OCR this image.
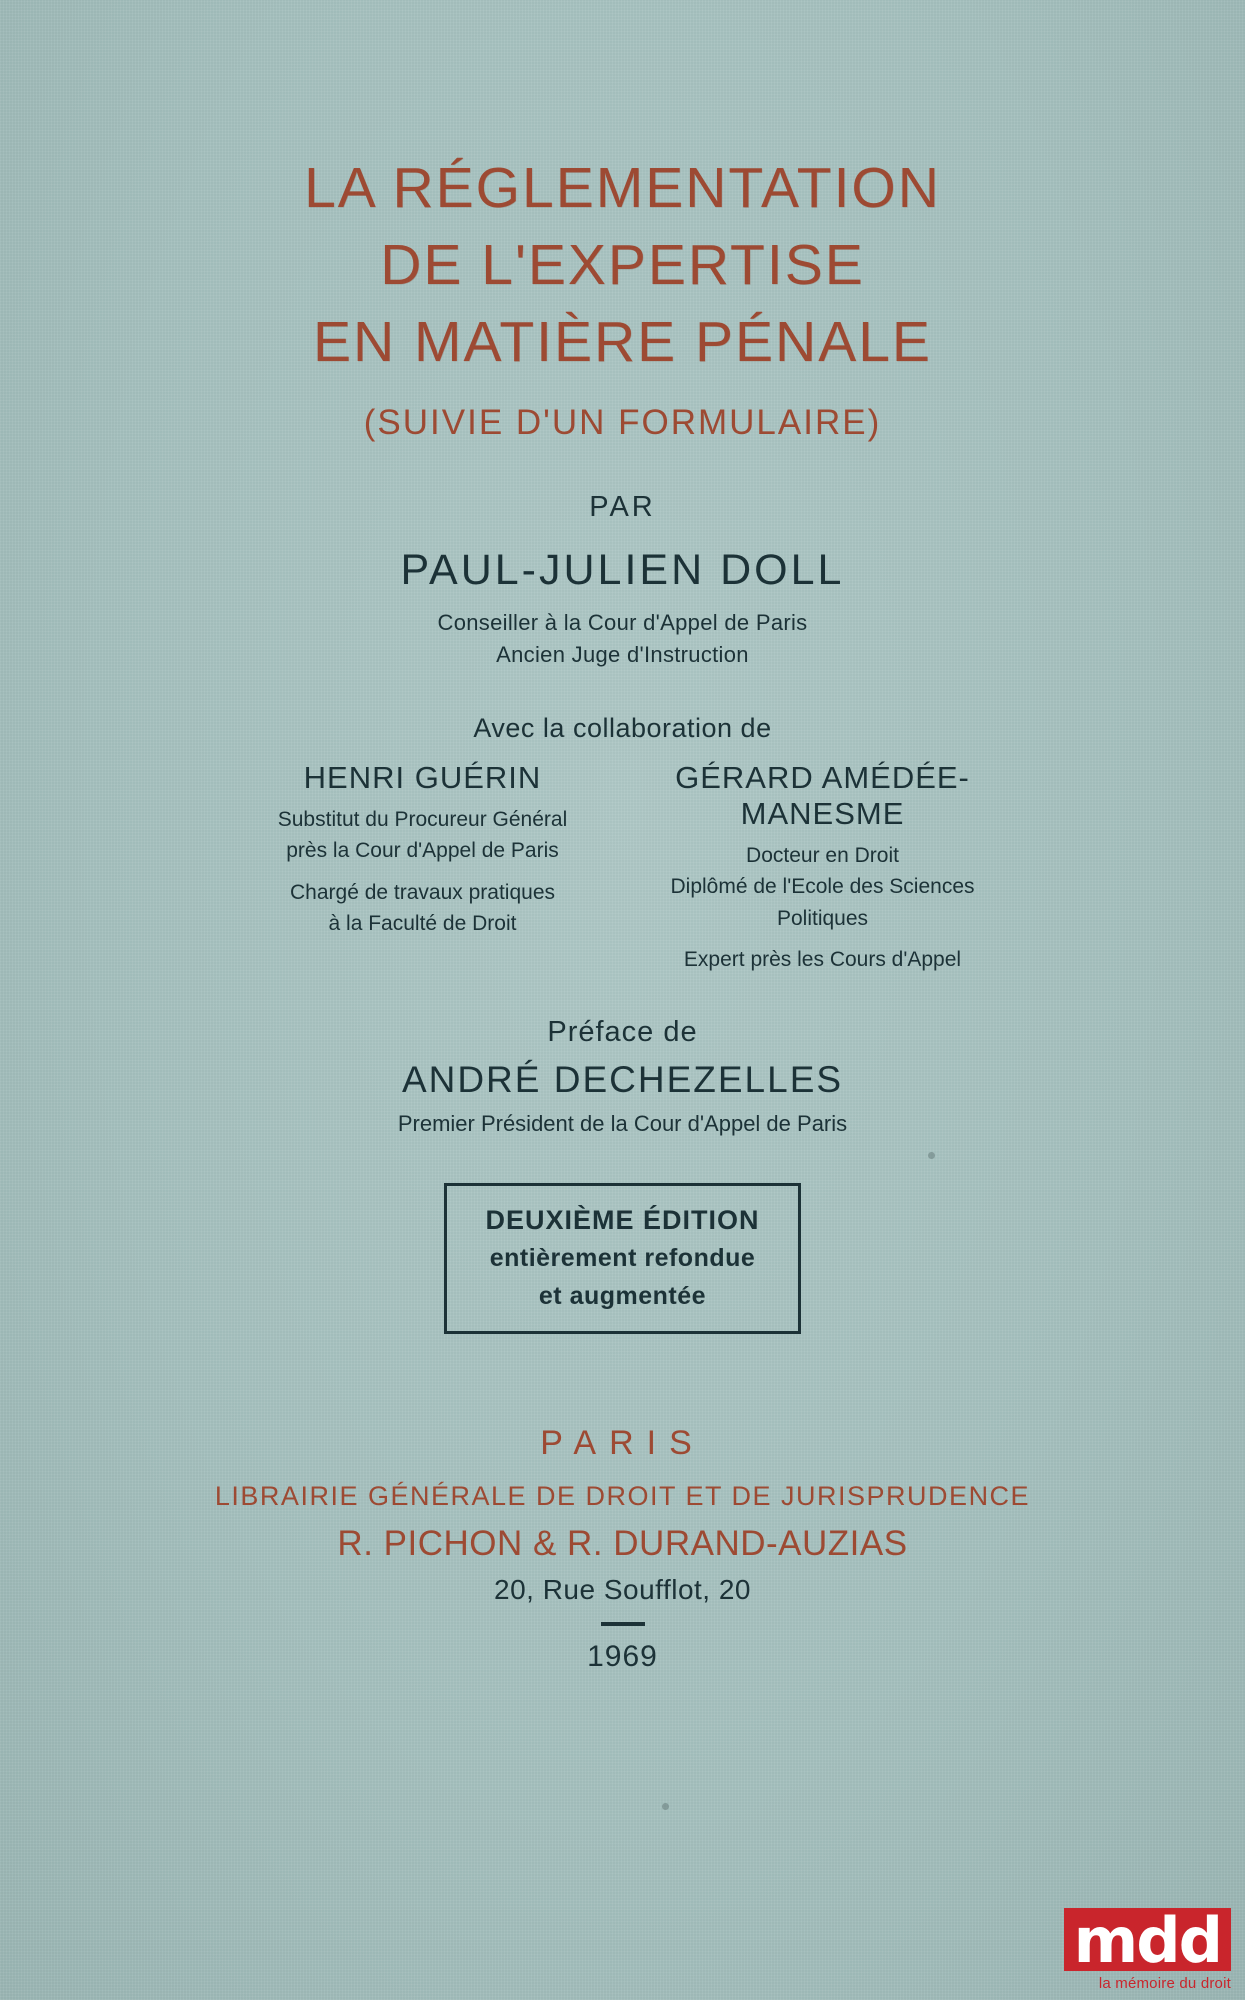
LA RÉGLEMENTATION
DE L'EXPERTISE
EN MATIÈRE PÉNALE
(SUIVIE D'UN FORMULAIRE)
PAR
PAUL-JULIEN DOLL
Conseiller à la Cour d'Appel de Paris
Ancien Juge d'Instruction
Avec la collaboration de
HENRI GUÉRIN
Substitut du Procureur Général
près la Cour d'Appel de Paris
Chargé de travaux pratiques
à la Faculté de Droit
GÉRARD AMÉDÉE-MANESME
Docteur en Droit
Diplômé de l'Ecole des Sciences
Politiques
Expert près les Cours d'Appel
Préface de
ANDRÉ DECHEZELLES
Premier Président de la Cour d'Appel de Paris
DEUXIÈME ÉDITION
entièrement refondue
et augmentée
PARIS
LIBRAIRIE GÉNÉRALE DE DROIT ET DE JURISPRUDENCE
R. PICHON & R. DURAND-AUZIAS
20, Rue Soufflot, 20
1969
mdd
la mémoire du droit
